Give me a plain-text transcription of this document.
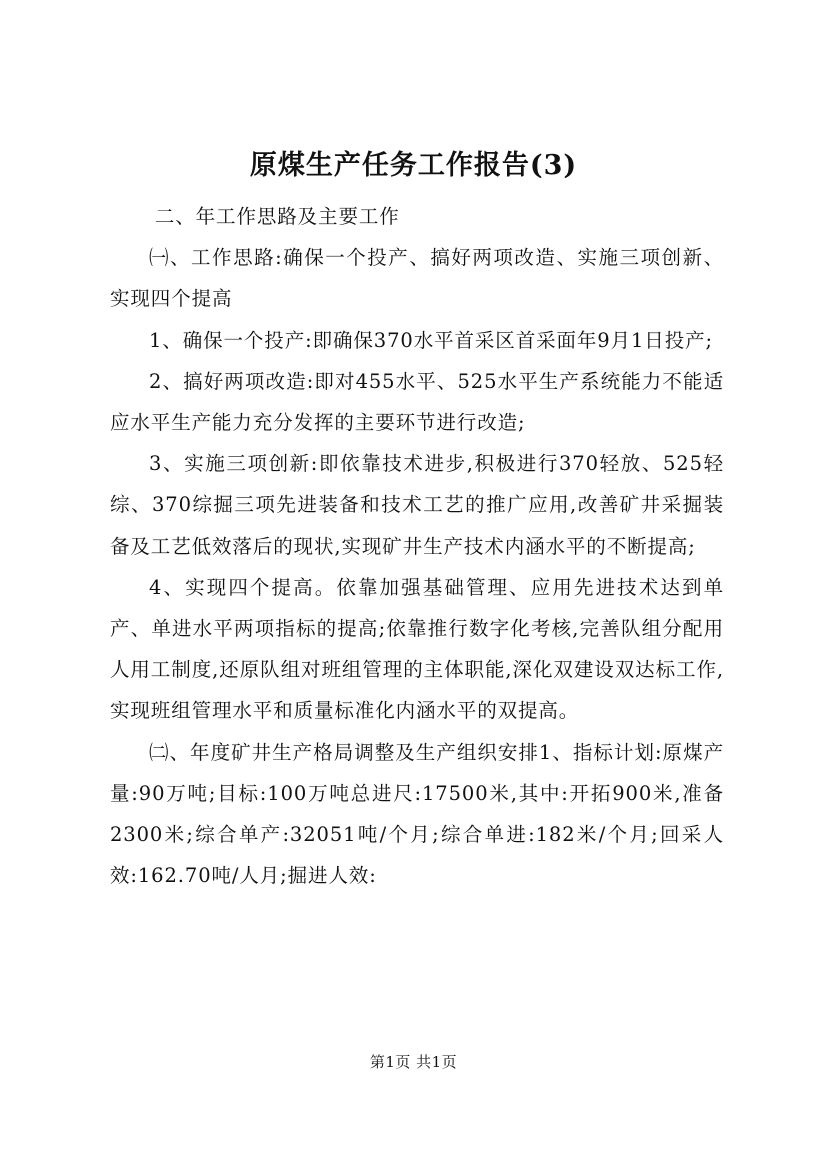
原煤生产任务工作报告(3)

二、年工作思路及主要工作

㈠、工作思路:确保一个投产、搞好两项改造、实施三项创新、实现四个提高

1、确保一个投产:即确保370水平首采区首采面年9月1日投产;

2、搞好两项改造:即对455水平、525水平生产系统能力不能适应水平生产能力充分发挥的主要环节进行改造;

3、实施三项创新:即依靠技术进步,积极进行370轻放、525轻综、370综掘三项先进装备和技术工艺的推广应用,改善矿井采掘装备及工艺低效落后的现状,实现矿井生产技术内涵水平的不断提高;

4、实现四个提高。依靠加强基础管理、应用先进技术达到单产、单进水平两项指标的提高;依靠推行数字化考核,完善队组分配用人用工制度,还原队组对班组管理的主体职能,深化双建设双达标工作,实现班组管理水平和质量标准化内涵水平的双提高。

㈡、年度矿井生产格局调整及生产组织安排1、指标计划:原煤产量:90万吨;目标:100万吨总进尺:17500米,其中:开拓900米,准备2300米;综合单产:32051吨/个月;综合单进:182米/个月;回采人效:162.70吨/人月;掘进人效:

第1页 共1页
